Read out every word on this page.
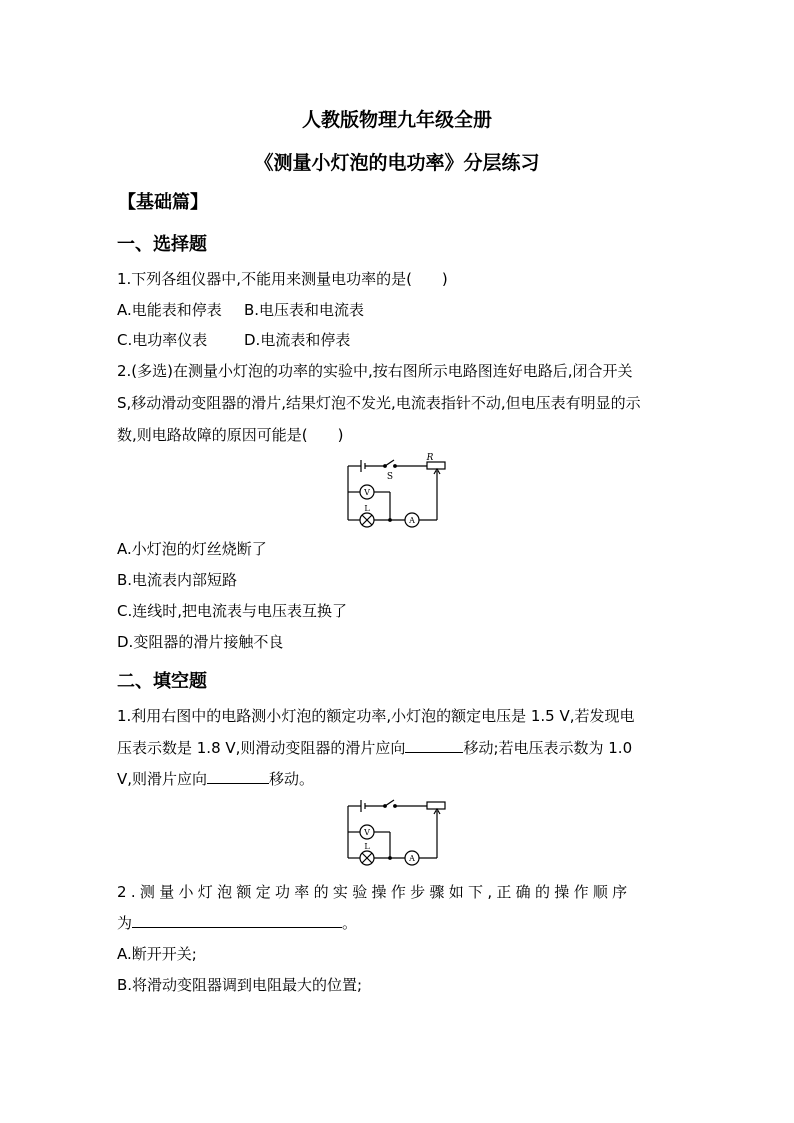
人教版物理九年级全册
《测量小灯泡的电功率》分层练习
【基础篇】
一、选择题
1.下列各组仪器中,不能用来测量电功率的是(　　)
A.电能表和停表 B.电压表和电流表
C.电功率仪表 D.电流表和停表
2.(多选)在测量小灯泡的功率的实验中,按右图所示电路图连好电路后,闭合开关
S,移动滑动变阻器的滑片,结果灯泡不发光,电流表指针不动,但电压表有明显的示
数,则电路故障的原因可能是(　　)
R
S
V
L
A
A.小灯泡的灯丝烧断了
B.电流表内部短路
C.连线时,把电流表与电压表互换了
D.变阻器的滑片接触不良
二、填空题
1.利用右图中的电路测小灯泡的额定功率,小灯泡的额定电压是 1.5 V,若发现电
压表示数是 1.8 V,则滑动变阻器的滑片应向	移动;若电压表示数为 1.0
V,则滑片应向	移动。
V
L
A
2.测量小灯泡额定功率的实验操作步骤如下,正确的操作顺序
为	。
A.断开开关;
B.将滑动变阻器调到电阻最大的位置;
